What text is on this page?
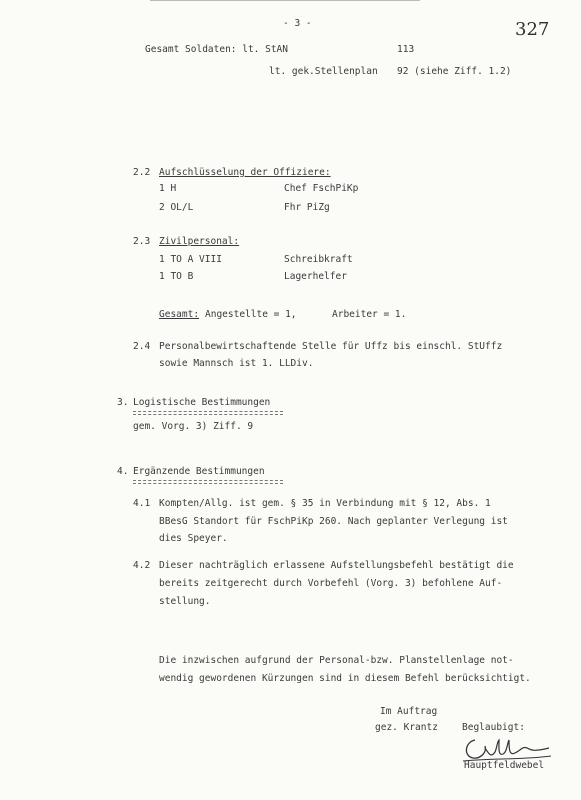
- 3 -	327
Gesamt Soldaten: lt. StAN	113
lt. gek.Stellenplan 92 (siehe Ziff. 1.2)
2.2 Aufschlüsselung der Offiziere:
1 H	Chef FschPiKp
2 OL/L	Fhr PiZg
2.3 Zivilpersonal:
1 TO A VIII	Schreibkraft
1 TO B	Lagerhelfer
Gesamt: Angestellte = 1,	Arbeiter = 1.
2.4 Personalbewirtschaftende Stelle für Uffz bis einschl. StUffz
sowie Mannsch ist 1. LLDiv.
3. Logistische Bestimmungen
gem. Vorg. 3) Ziff. 9
4. Ergänzende Bestimmungen
4.1 Kompten/Allg. ist gem. § 35 in Verbindung mit § 12, Abs. 1
BBesG Standort für FschPiKp 260. Nach geplanter Verlegung ist
dies Speyer.
4.2 Dieser nachträglich erlassene Aufstellungsbefehl bestätigt die
bereits zeitgerecht durch Vorbefehl (Vorg. 3) befohlene Auf-
stellung.
Die inzwischen aufgrund der Personal-bzw. Planstellenlage not-
wendig gewordenen Kürzungen sind in diesem Befehl berücksichtigt.
Im Auftrag
gez. Krantz	Beglaubigt:
Hauptfeldwebel
